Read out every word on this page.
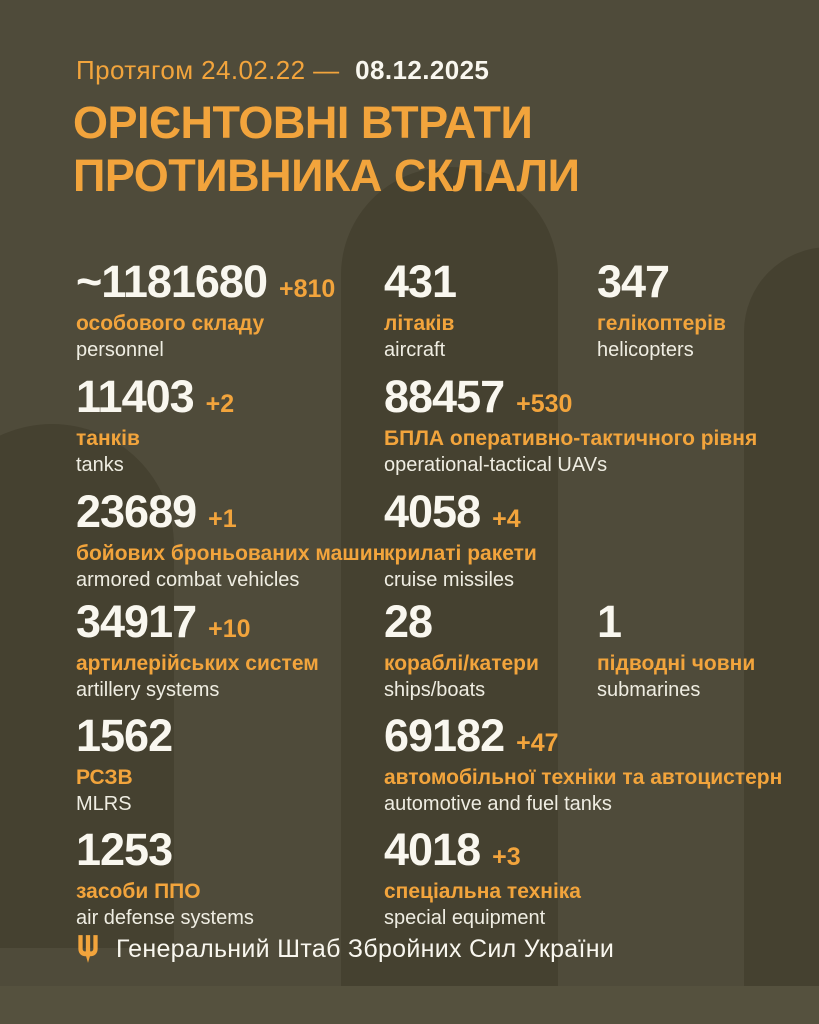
Протягом 24.02.22 — 08.12.2025
ОРІЄНТОВНІ ВТРАТИ
ПРОТИВНИКА СКЛАЛИ
~1181680 +810
особового складу
personnel
431
літаків
aircraft
347
гелікоптерів
helicopters
11403 +2
танків
tanks
88457 +530
БПЛА оперативно-тактичного рівня
operational-tactical UAVs
23689 +1
бойових броньованих машин
armored combat vehicles
4058 +4
крилаті ракети
cruise missiles
34917 +10
артилерійських систем
artillery systems
28
кораблі/катери
ships/boats
1
підводні човни
submarines
1562
РСЗВ
MLRS
69182 +47
автомобільної техніки та автоцистерн
automotive and fuel tanks
1253
засоби ППО
air defense systems
4018 +3
спеціальна техніка
special equipment
Генеральний Штаб Збройних Сил України
